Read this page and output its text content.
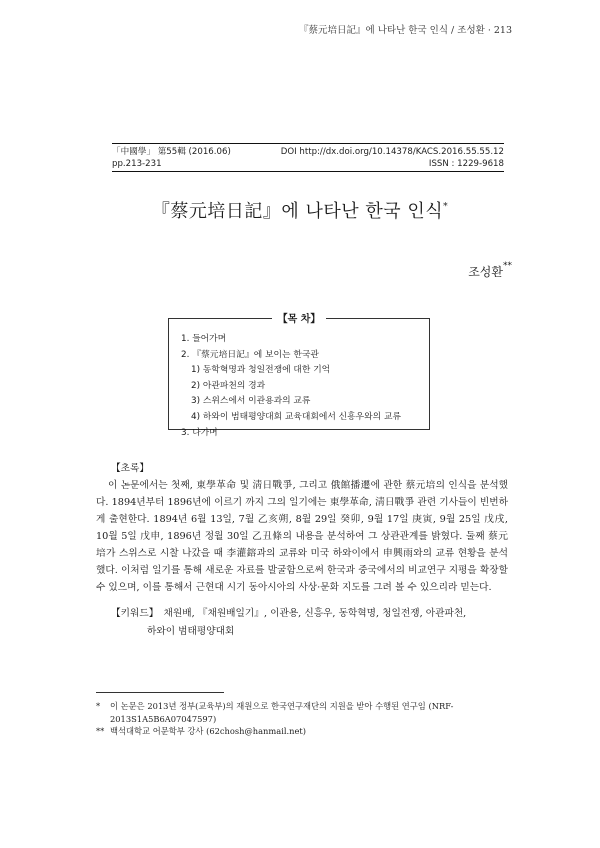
『蔡元培日記』에 나타난 한국 인식 / 조성환 · 213
「中國學」 第55輯 (2016.06)	DOI http://dx.doi.org/10.14378/KACS.2016.55.55.12
pp.213-231	ISSN : 1229-9618
『蔡元培日記』에 나타난 한국 인식*
조성환**
【목 차】
1. 들어가며
2. 『蔡元培日記』에 보이는 한국관
1) 동학혁명과 청일전쟁에 대한 기억
2) 아관파천의 경과
3) 스위스에서 이관용과의 교류
4) 하와이 범태평양대회 교육대회에서 신흥우와의 교류
3. 나가며
【초록】
이 논문에서는 첫째, 東學革命 및 淸日戰爭, 그리고 俄館播遷에 관한 蔡元培의 인식을 분석했다. 1894년부터 1896년에 이르기 까지 그의 일기에는 東學革命, 淸日戰爭 관련 기사들이 빈번하게 출현한다. 1894년 6월 13일, 7월 乙亥朔, 8월 29일 癸卯, 9월 17일 庚寅, 9월 25일 戊戌, 10월 5일 戊申, 1896년 정월 30일 乙丑條의 내용을 분석하여 그 상관관계를 밝혔다. 둘째 蔡元培가 스위스로 시찰 나갔을 때 李灌鎔과의 교류와 미국 하와이에서 申興雨와의 교류 현황을 분석했다. 이처럼 일기를 통해 새로운 자료를 발굴함으로써 한국과 중국에서의 비교연구 지평을 확장할 수 있으며, 이를 통해서 근현대 시기 동아시아의 사상·문화 지도를 그려 볼 수 있으리라 믿는다.
【키워드】 채원배, 『채원배일기』, 이관용, 신흥우, 동학혁명, 청일전쟁, 아관파천,
하와이 범태평양대회
*	이 논문은 2013년 정부(교육부)의 재원으로 한국연구재단의 지원을 받아 수행된 연구임 (NRF-2013S1A5B6A07047597)
** 백석대학교 어문학부 강사 (62chosh@hanmail.net)
